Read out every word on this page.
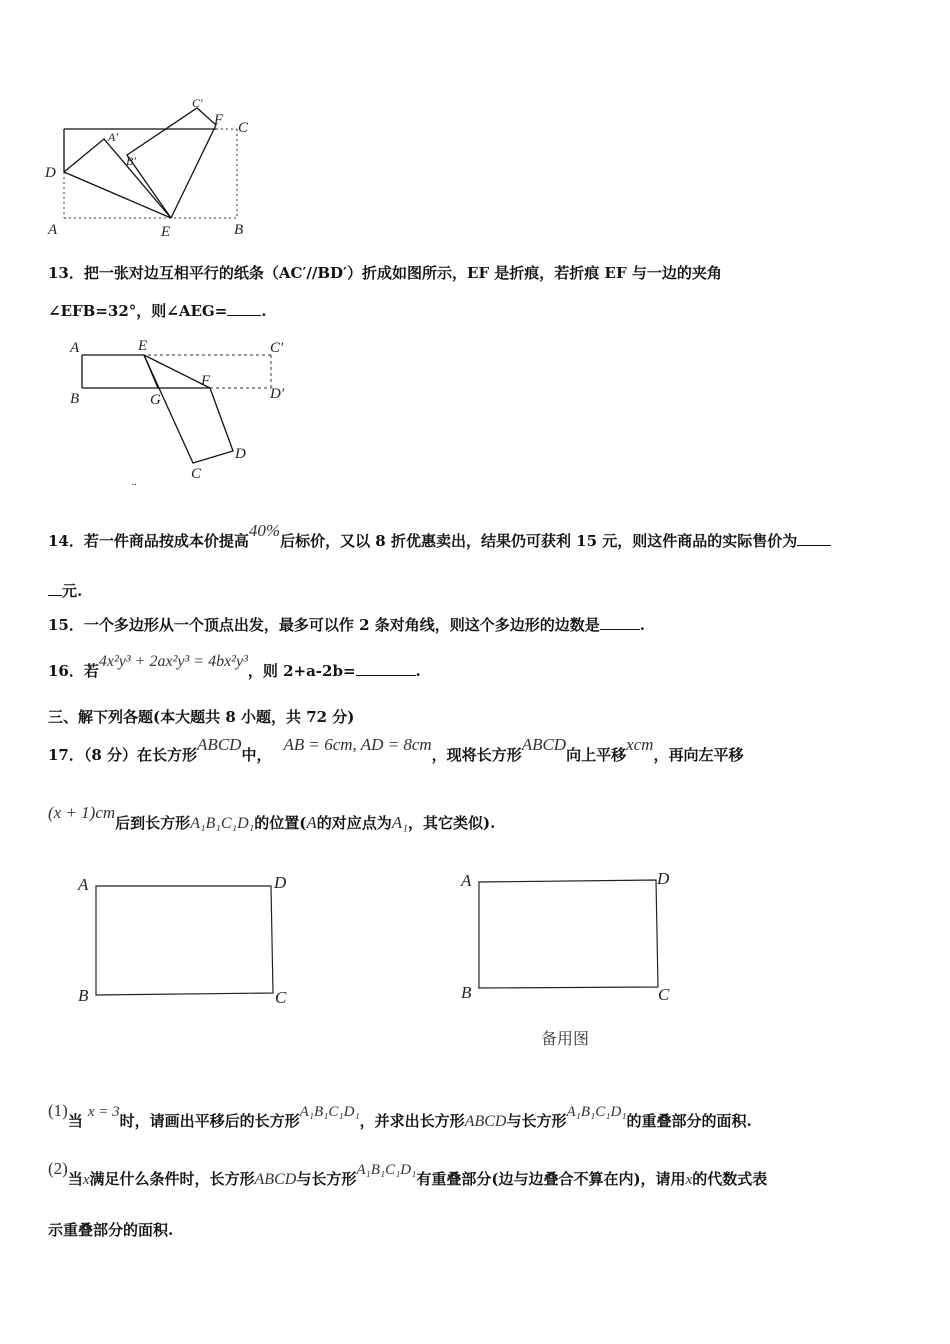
A	E	B
D
A′
B′
C′
F C
13．把一张对边互相平行的纸条（AC′//BD′）折成如图所示，EF 是折痕，若折痕 EF 与一边的夹角
∠EFB=32°，则∠AEG= .
A	E	C′
B	G
F
D′
C
D
..
14．若一件商品按成本价提高40%后标价，又以 8 折优惠卖出，结果仍可获利 15 元，则这件商品的实际售价为
元.
15．一个多边形从一个顶点出发，最多可以作 2 条对角线，则这个多边形的边数是	.
16．若4x²y³ + 2ax²y³ = 4bx²y³，则 2+a-2b=	.
三、解下列各题(本大题共 8 小题，共 72 分)
17．（8 分）在长方形ABCD中，AB = 6cm, AD = 8cm，现将长方形ABCD向上平移xcm，再向左平移
(x + 1)cm后到长方形A₁B₁C₁D₁的位置(A的对应点为A₁，其它类似).
A	D
B	C
A	D
B	C
备用图
(1)当 x = 3时，请画出平移后的长方形A₁B₁C₁D₁，并求出长方形ABCD与长方形A₁B₁C₁D₁的重叠部分的面积.
(2)当x满足什么条件时，长方形ABCD与长方形A₁B₁C₁D₁有重叠部分(边与边叠合不算在内)，请用x的代数式表
示重叠部分的面积.
